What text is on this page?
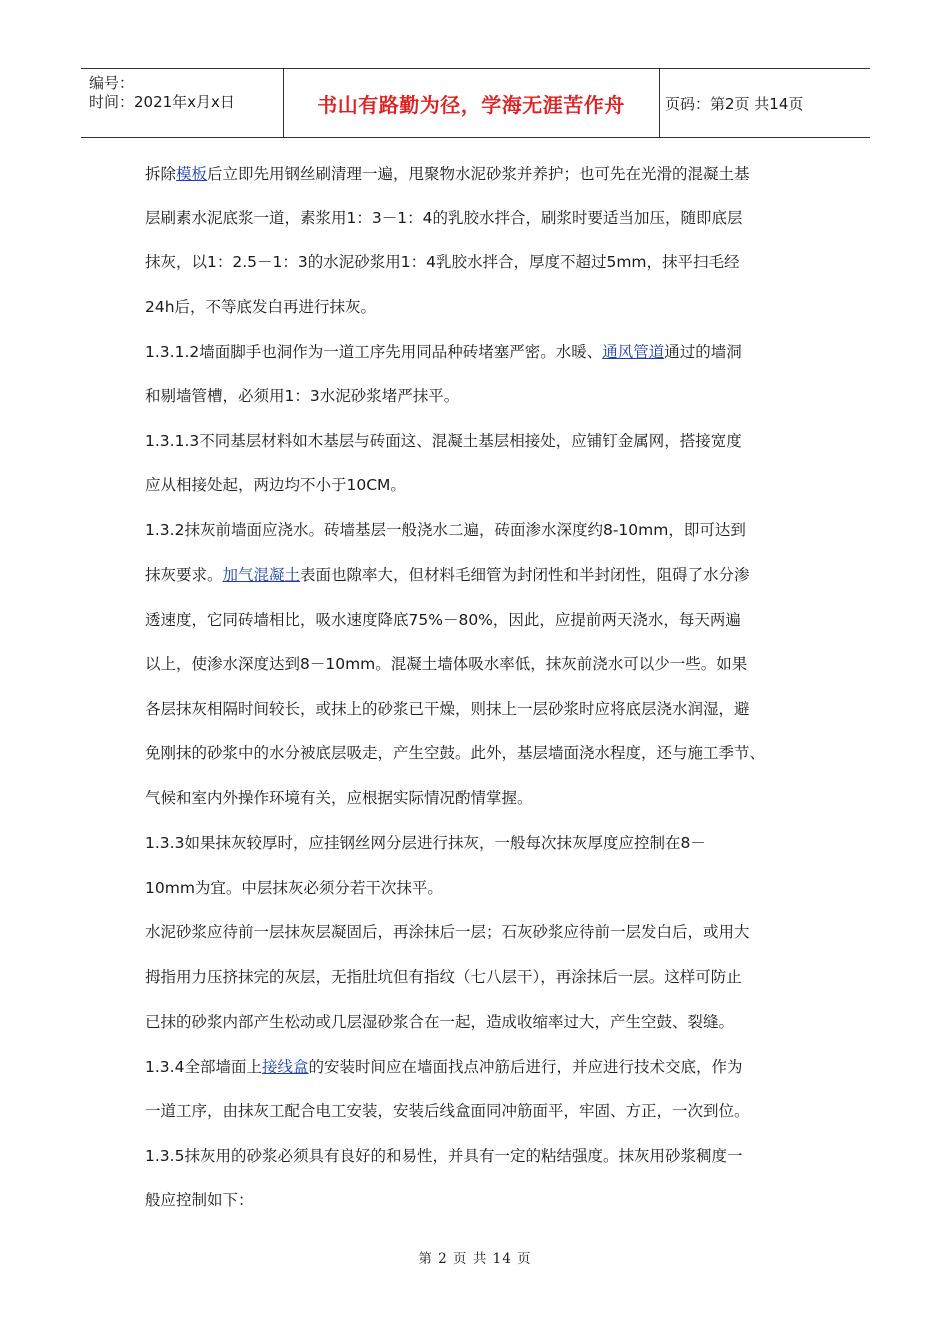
编号：
时间：2021年x月x日	书山有路勤为径，学海无涯苦作舟	页码：第2页 共14页
拆除模板后立即先用钢丝刷清理一遍，甩聚物水泥砂浆并养护；也可先在光滑的混凝土基
层刷素水泥底浆一道，素浆用1：3－1：4的乳胶水拌合，刷浆时要适当加压，随即底层
抹灰，以1：2.5－1：3的水泥砂浆用1：4乳胶水拌合，厚度不超过5mm，抹平扫毛经
24h后，不等底发白再进行抹灰。
1.3.1.2墙面脚手也洞作为一道工序先用同品种砖堵塞严密。水暖、通风管道通过的墙洞
和剔墙管槽，必须用1：3水泥砂浆堵严抹平。
1.3.1.3不同基层材料如木基层与砖面这、混凝土基层相接处，应铺钉金属网，搭接宽度
应从相接处起，两边均不小于10CM。
1.3.2抹灰前墙面应浇水。砖墙基层一般浇水二遍，砖面渗水深度约8-10mm，即可达到
抹灰要求。加气混凝土表面也隙率大，但材料毛细管为封闭性和半封闭性，阻碍了水分渗
透速度，它同砖墙相比，吸水速度降底75%－80%，因此，应提前两天浇水，每天两遍
以上，使渗水深度达到8－10mm。混凝土墙体吸水率低，抹灰前浇水可以少一些。如果
各层抹灰相隔时间较长，或抹上的砂浆已干燥，则抹上一层砂浆时应将底层浇水润湿，避
免刚抹的砂浆中的水分被底层吸走，产生空鼓。此外，基层墙面浇水程度，还与施工季节、
气候和室内外操作环境有关，应根据实际情况酌情掌握。
1.3.3如果抹灰较厚时，应挂钢丝网分层进行抹灰，一般每次抹灰厚度应控制在8－
10mm为宜。中层抹灰必须分若干次抹平。
水泥砂浆应待前一层抹灰层凝固后，再涂抹后一层；石灰砂浆应待前一层发白后，或用大
拇指用力压挤抹完的灰层，无指肚坑但有指纹（七八层干），再涂抹后一层。这样可防止
已抹的砂浆内部产生松动或几层湿砂浆合在一起，造成收缩率过大，产生空鼓、裂缝。
1.3.4全部墙面上接线盒的安装时间应在墙面找点冲筋后进行，并应进行技术交底，作为
一道工序，由抹灰工配合电工安装，安装后线盒面同冲筋面平，牢固、方正，一次到位。
1.3.5抹灰用的砂浆必须具有良好的和易性，并具有一定的粘结强度。抹灰用砂浆稠度一
般应控制如下：
第 2 页 共 14 页
